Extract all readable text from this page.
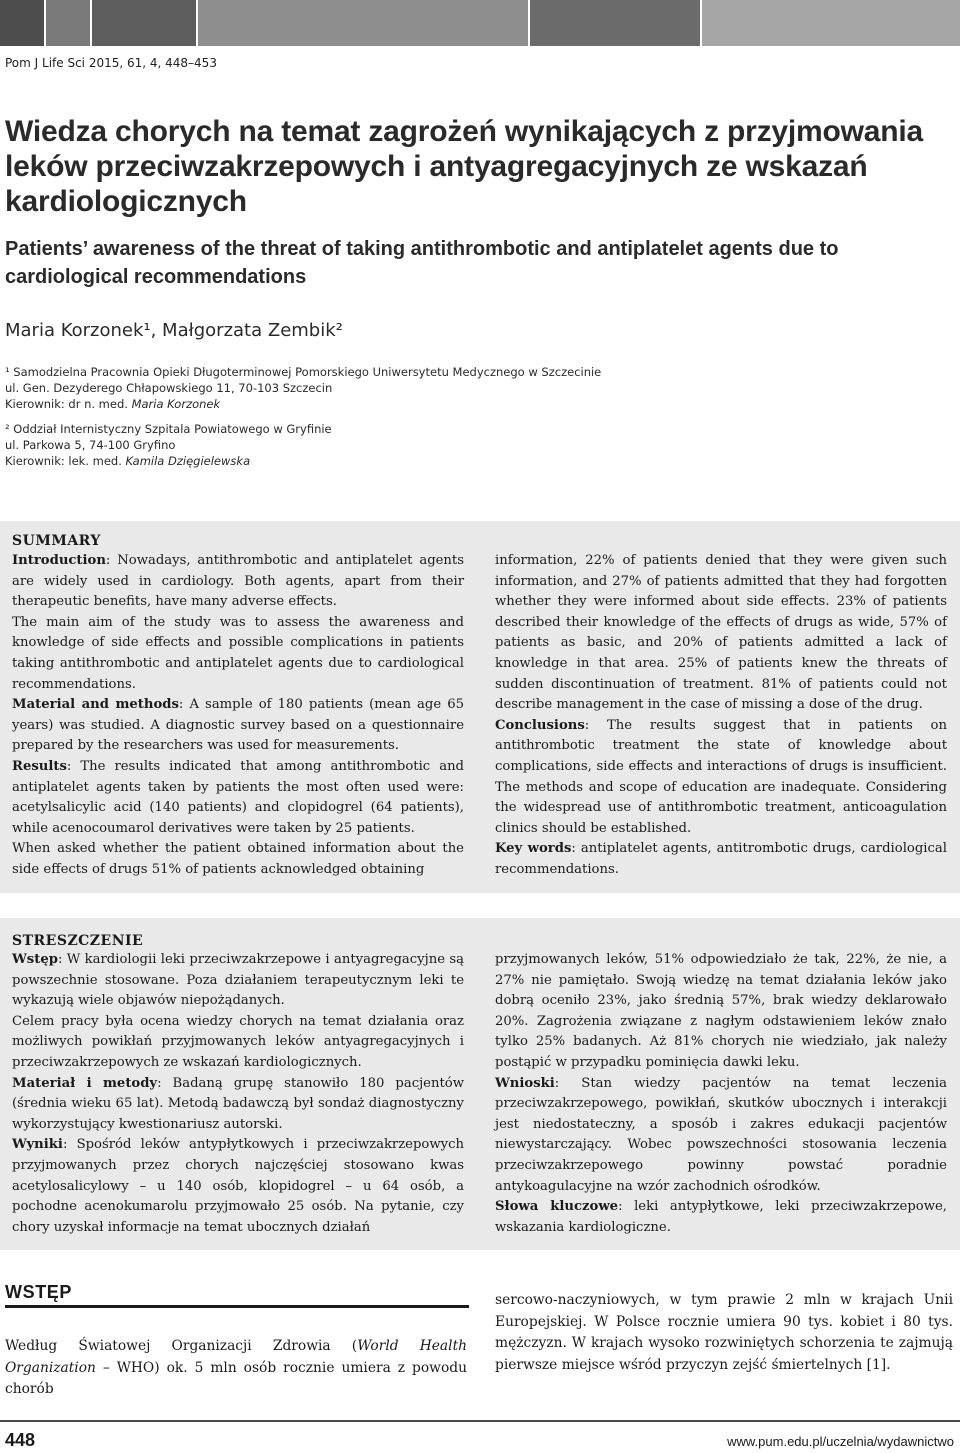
Pom J Life Sci 2015, 61, 4, 448–453
Wiedza chorych na temat zagrożeń wynikających z przyjmowania leków przeciwzakrzepowych i antyagregacyjnych ze wskazań kardiologicznych
Patients’ awareness of the threat of taking antithrombotic and antiplatelet agents due to cardiological recommendations
Maria Korzonek¹, Małgorzata Zembik²
¹ Samodzielna Pracownia Opieki Długoterminowej Pomorskiego Uniwersytetu Medycznego w Szczecinie
ul. Gen. Dezyderego Chłapowskiego 11, 70-103 Szczecin
Kierownik: dr n. med. Maria Korzonek
² Oddział Internistyczny Szpitala Powiatowego w Gryfinie
ul. Parkowa 5, 74-100 Gryfino
Kierownik: lek. med. Kamila Dzięgielewska
SUMMARY

Introduction: Nowadays, antithrombotic and antiplatelet agents are widely used in cardiology. Both agents, apart from their therapeutic benefits, have many adverse effects.

The main aim of the study was to assess the awareness and knowledge of side effects and possible complications in patients taking antithrombotic and antiplatelet agents due to cardiological recommendations.

Material and methods: A sample of 180 patients (mean age 65 years) was studied. A diagnostic survey based on a questionnaire prepared by the researchers was used for measurements.

Results: The results indicated that among antithrombotic and antiplatelet agents taken by patients the most often used were: acetylsalicylic acid (140 patients) and clopidogrel (64 patients), while acenocoumarol derivatives were taken by 25 patients.

When asked whether the patient obtained information about the side effects of drugs 51% of patients acknowledged obtaining

information, 22% of patients denied that they were given such information, and 27% of patients admitted that they had forgotten whether they were informed about side effects. 23% of patients described their knowledge of the effects of drugs as wide, 57% of patients as basic, and 20% of patients admitted a lack of knowledge in that area. 25% of patients knew the threats of sudden discontinuation of treatment. 81% of patients could not describe management in the case of missing a dose of the drug.

Conclusions: The results suggest that in patients on antithrombotic treatment the state of knowledge about complications, side effects and interactions of drugs is insufficient. The methods and scope of education are inadequate. Considering the widespread use of antithrombotic treatment, anticoagulation clinics should be established.

Key words: antiplatelet agents, antitrombotic drugs, cardiological recommendations.

STRESZCZENIE

Wstęp: W kardiologii leki przeciwzakrzepowe i antyagregacyjne są powszechnie stosowane. Poza działaniem terapeutycznym leki te wykazują wiele objawów niepożądanych.

Celem pracy była ocena wiedzy chorych na temat działania oraz możliwych powikłań przyjmowanych leków antyagregacyjnych i przeciwzakrzepowych ze wskazań kardiologicznych.

Materiał i metody: Badaną grupę stanowiło 180 pacjentów (średnia wieku 65 lat). Metodą badawczą był sondaż diagnostyczny wykorzystujący kwestionariusz autorski.

Wyniki: Spośród leków antypłytkowych i przeciwzakrzepowych przyjmowanych przez chorych najczęściej stosowano kwas acetylosalicylowy – u 140 osób, klopidogrel – u 64 osób, a pochodne acenokumarolu przyjmowało 25 osób. Na pytanie, czy chory uzyskał informacje na temat ubocznych działań

przyjmowanych leków, 51% odpowiedziało że tak, 22%, że nie, a 27% nie pamiętało. Swoją wiedzę na temat działania leków jako dobrą oceniło 23%, jako średnią 57%, brak wiedzy deklarowało 20%. Zagrożenia związane z nagłym odstawieniem leków znało tylko 25% badanych. Aż 81% chorych nie wiedziało, jak należy postąpić w przypadku pominięcia dawki leku.

Wnioski: Stan wiedzy pacjentów na temat leczenia przeciwzakrzepowego, powikłań, skutków ubocznych i interakcji jest niedostateczny, a sposób i zakres edukacji pacjentów niewystarczający. Wobec powszechności stosowania leczenia przeciwzakrzepowego powinny powstać poradnie antykoagulacyjne na wzór zachodnich ośrodków.

Słowa kluczowe: leki antypłytkowe, leki przeciwzakrzepowe, wskazania kardiologiczne.

WSTĘP

Według Światowej Organizacji Zdrowia (World Health Organization – WHO) ok. 5 mln osób rocznie umiera z powodu chorób

sercowo-naczyniowych, w tym prawie 2 mln w krajach Unii Europejskiej. W Polsce rocznie umiera 90 tys. kobiet i 80 tys. mężczyzn. W krajach wysoko rozwiniętych schorzenia te zajmują pierwsze miejsce wśród przyczyn zejść śmiertelnych [1].

448	www.pum.edu.pl/uczelnia/wydawnictwo
